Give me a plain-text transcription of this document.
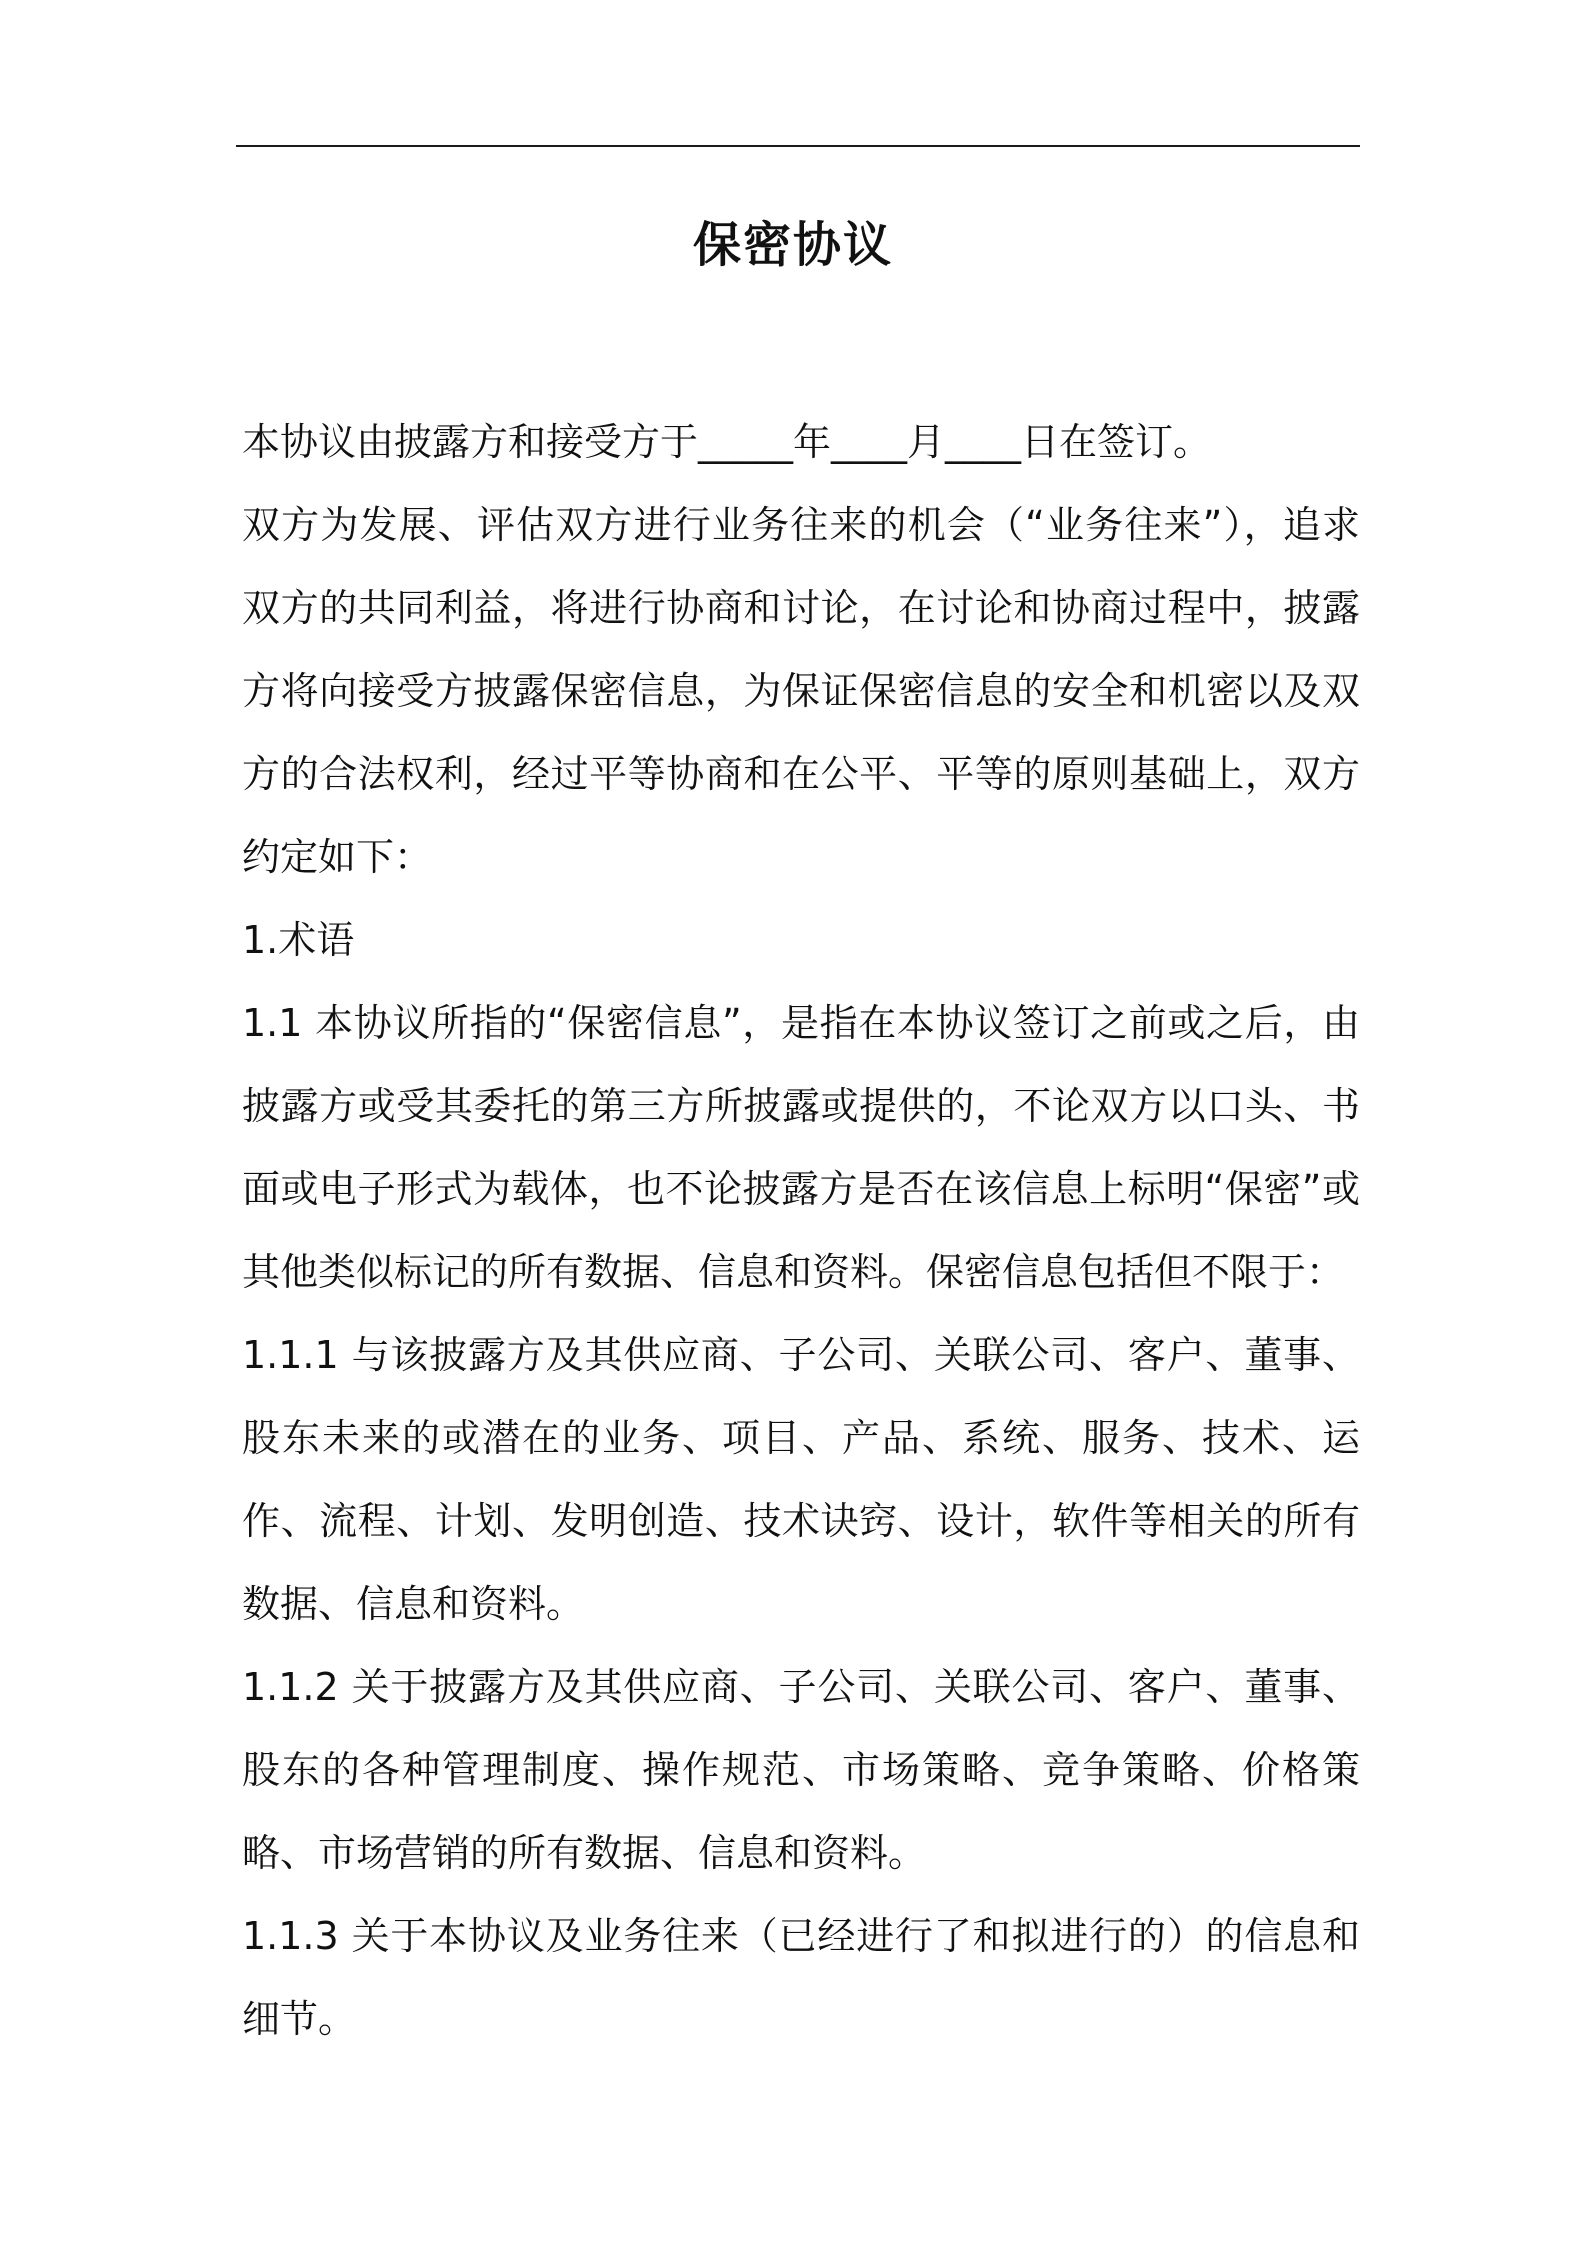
保密协议

本协议由披露方和接受方于_____年____月____日在签订。

双方为发展、评估双方进行业务往来的机会（“业务往来”），追求双方的共同利益，将进行协商和讨论，在讨论和协商过程中，披露方将向接受方披露保密信息，为保证保密信息的安全和机密以及双方的合法权利，经过平等协商和在公平、平等的原则基础上，双方约定如下：

1.术语

1.1 本协议所指的“保密信息”，是指在本协议签订之前或之后，由披露方或受其委托的第三方所披露或提供的，不论双方以口头、书面或电子形式为载体，也不论披露方是否在该信息上标明“保密”或其他类似标记的所有数据、信息和资料。保密信息包括但不限于：

1.1.1 与该披露方及其供应商、子公司、关联公司、客户、董事、股东未来的或潜在的业务、项目、产品、系统、服务、技术、运作、流程、计划、发明创造、技术诀窍、设计，软件等相关的所有数据、信息和资料。

1.1.2 关于披露方及其供应商、子公司、关联公司、客户、董事、股东的各种管理制度、操作规范、市场策略、竞争策略、价格策略、市场营销的所有数据、信息和资料。

1.1.3 关于本协议及业务往来（已经进行了和拟进行的）的信息和细节。
